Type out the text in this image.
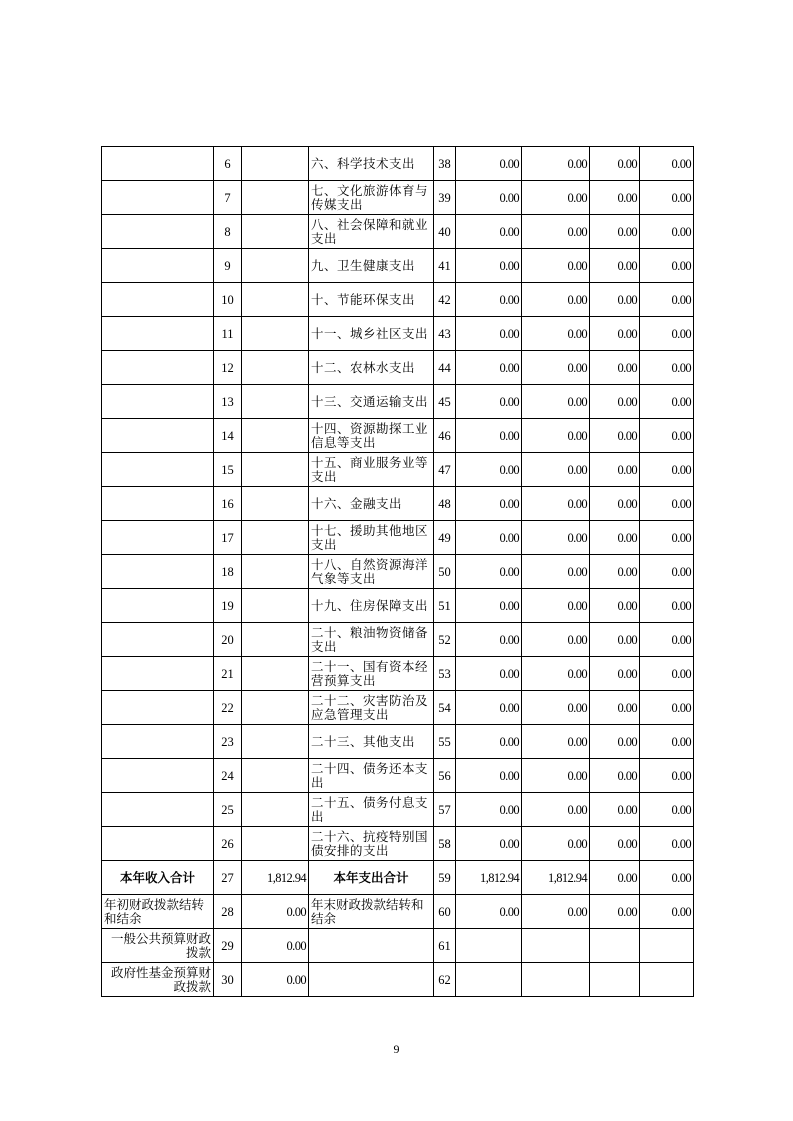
	6		六、科学技术支出	38	0.00	0.00	0.00	0.00
	7		七、文化旅游体育与传媒支出	39	0.00	0.00	0.00	0.00
	8		八、社会保障和就业支出	40	0.00	0.00	0.00	0.00
	9		九、卫生健康支出	41	0.00	0.00	0.00	0.00
	10		十、节能环保支出	42	0.00	0.00	0.00	0.00
	11		十一、城乡社区支出	43	0.00	0.00	0.00	0.00
	12		十二、农林水支出	44	0.00	0.00	0.00	0.00
	13		十三、交通运输支出	45	0.00	0.00	0.00	0.00
	14		十四、资源勘探工业信息等支出	46	0.00	0.00	0.00	0.00
	15		十五、商业服务业等支出	47	0.00	0.00	0.00	0.00
	16		十六、金融支出	48	0.00	0.00	0.00	0.00
	17		十七、援助其他地区支出	49	0.00	0.00	0.00	0.00
	18		十八、自然资源海洋气象等支出	50	0.00	0.00	0.00	0.00
	19		十九、住房保障支出	51	0.00	0.00	0.00	0.00
	20		二十、粮油物资储备支出	52	0.00	0.00	0.00	0.00
	21		二十一、国有资本经营预算支出	53	0.00	0.00	0.00	0.00
	22		二十二、灾害防治及应急管理支出	54	0.00	0.00	0.00	0.00
	23		二十三、其他支出	55	0.00	0.00	0.00	0.00
	24		二十四、债务还本支出	56	0.00	0.00	0.00	0.00
	25		二十五、债务付息支出	57	0.00	0.00	0.00	0.00
	26		二十六、抗疫特别国债安排的支出	58	0.00	0.00	0.00	0.00
本年收入合计	27	1,812.94	本年支出合计	59	1,812.94	1,812.94	0.00	0.00
年初财政拨款结转和结余	28	0.00	年末财政拨款结转和结余	60	0.00	0.00	0.00	0.00
一般公共预算财政拨款	29	0.00		61				
政府性基金预算财政拨款	30	0.00		62				
9
